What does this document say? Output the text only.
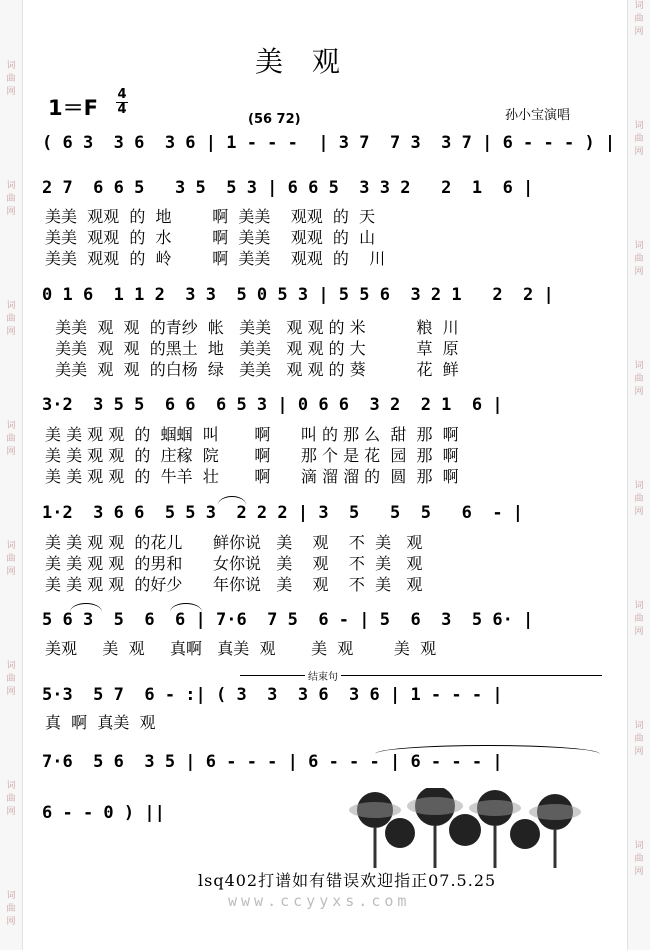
词曲网
词曲网
词曲网
词曲网
词曲网
词曲网
词曲网
词曲网
词曲网
词曲网
词曲网
词曲网
词曲网
词曲网
词曲网
词曲网
美 观
1＝F
4
4	孙小宝演唱
(56 72)
( 6 3  3 6  3 6 | 1 - - -  | 3 7  7 3  3 7 | 6 - - - ) |
2 7  6 6 5   3 5  5 3 | 6 6 5  3 3 2   2  1  6 |
美美  观观  的  地        啊  美美    观观  的  天
美美  观观  的  水        啊  美美    观观  的  山
美美  观观  的  岭        啊  美美    观观  的    川
0 1 6  1 1 2  3 3  5 0 5 3 | 5 5 6  3 2 1   2  2 |
美美  观  观  的青纱  帐   美美   观 观 的 米          粮  川
美美  观  观  的黑土  地   美美   观 观 的 大          草  原
美美  观  观  的白杨  绿   美美   观 观 的 葵          花  鲜
3·2  3 5 5  6 6  6 5 3 | 0 6 6  3 2  2 1  6 |
美 美 观 观  的  蝈蝈  叫       啊      叫 的 那 么  甜  那  啊
美 美 观 观  的  庄稼  院       啊      那 个 是 花  园  那  啊
美 美 观 观  的  牛羊  壮       啊      滴 溜 溜 的  圆  那  啊
1·2  3 6 6  5 5 3  2 2 2 | 3  5   5  5   6  - |
美 美 观 观  的花儿      鲜你说   美    观    不  美   观
美 美 观 观  的男和      女你说   美    观    不  美   观
美 美 观 观  的好少      年你说   美    观    不  美   观
5 6 3  5  6  6 | 7·6  7 5  6 - | 5  6  3  5 6· |
美观     美  观     真啊   真美  观       美  观        美  观
结束句
5·3  5 7  6 - :| ( 3  3  3 6  3 6 | 1 - - - |
真  啊  真美  观
7·6  5 6  3 5 | 6 - - - | 6 - - - | 6 - - - |
6 - - 0 ) ||
lsq402打谱如有错误欢迎指正07.5.25
www.ccyyxs.com
